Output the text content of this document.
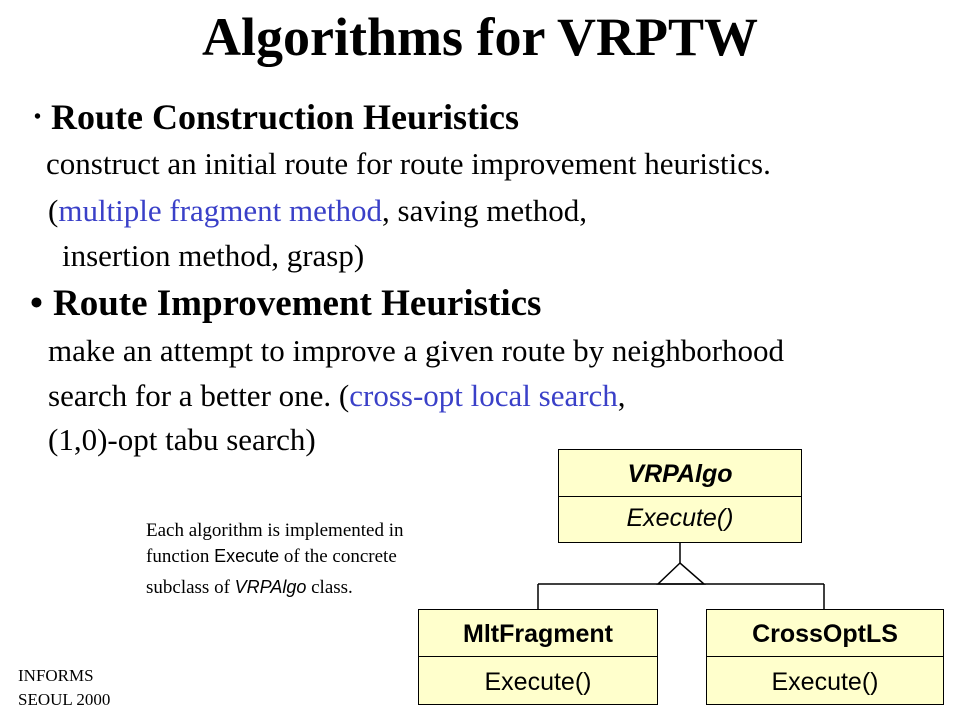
Algorithms for VRPTW
• Route Construction Heuristics
construct an initial route for route improvement heuristics.
(multiple fragment method, saving method,
insertion method, grasp)
• Route Improvement Heuristics
make an attempt to improve a given route by neighborhood
search for a better one. (cross-opt local search,
(1,0)-opt tabu search)
Each algorithm is implemented in
function Execute of the concrete
subclass of VRPAlgo class.
VRPAlgo
Execute()
MltFragment
Execute()
CrossOptLS
Execute()
INFORMS
SEOUL 2000
